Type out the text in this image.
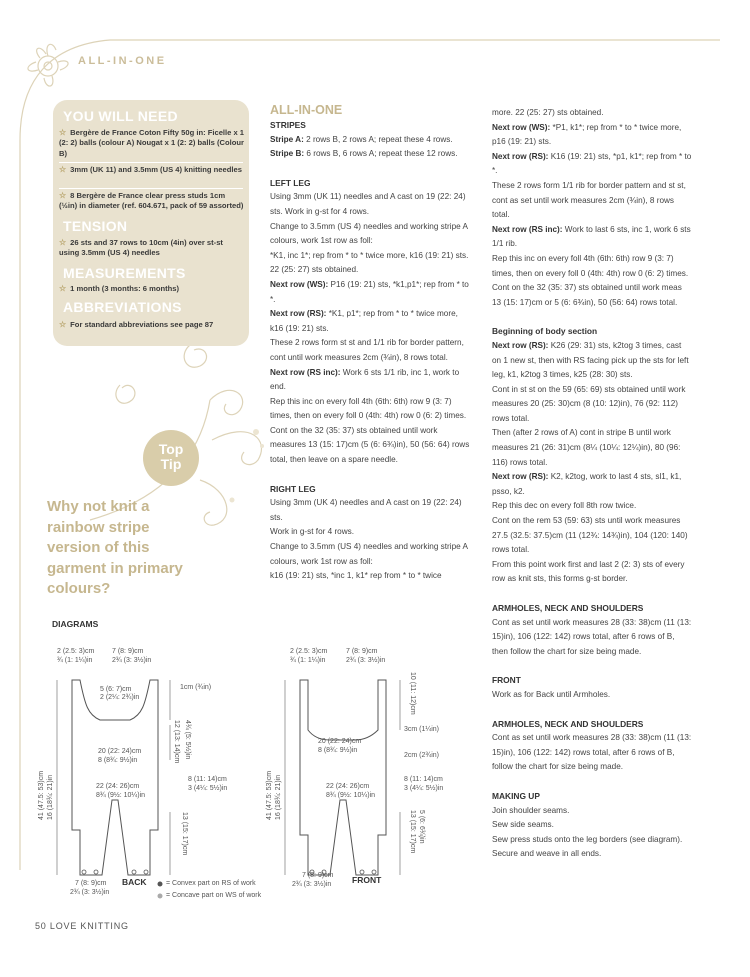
ALL-IN-ONE
YOU WILL NEED
☆ Bergère de France Coton Fifty 50g in: Ficelle x 1 (2: 2) balls (colour A) Nougat x 1 (2: 2) balls (Colour B)
☆ 3mm (UK 11) and 3.5mm (US 4) knitting needles
☆ 8 Bergère de France clear press studs 1cm (½in) in diameter (ref. 604.671, pack of 59 assorted)
TENSION
☆ 26 sts and 37 rows to 10cm (4in) over st-st using 3.5mm (US 4) needles
MEASUREMENTS
☆ 1 month (3 months: 6 months)
ABBREVIATIONS
☆ For standard abbreviations see page 87
Top
Tip
Why not knit a rainbow stripe version of this garment in primary colours?
ALL-IN-ONE
STRIPES
Stripe A: 2 rows B, 2 rows A; repeat these 4 rows.
Stripe B: 6 rows B, 6 rows A; repeat these 12 rows.
LEFT LEG
Using 3mm (UK 11) needles and A cast on 19 (22: 24) sts. Work in g-st for 4 rows.
Change to 3.5mm (US 4) needles and working stripe A colours, work 1st row as foll:
*K1, inc 1*; rep from * to * twice more, k16 (19: 21) sts. 22 (25: 27) sts obtained.
Next row (WS): P16 (19: 21) sts, *k1,p1*; rep from * to *.
Next row (RS): *K1, p1*; rep from * to * twice more, k16 (19: 21) sts.
These 2 rows form st st and 1/1 rib for border pattern, cont until work measures 2cm (¾in), 8 rows total.
Next row (RS inc): Work 6 sts 1/1 rib, inc 1, work to end.
Rep this inc on every foll 4th (6th: 6th) row 9 (3: 7) times, then on every foll 0 (4th: 4th) row 0 (6: 2) times.
Cont on the 32 (35: 37) sts obtained until work measures 13 (15: 17)cm (5 (6: 6¾)in), 50 (56: 64) rows total, then leave on a spare needle.
RIGHT LEG
Using 3mm (UK 4) needles and A cast on 19 (22: 24) sts.
Work in g-st for 4 rows.
Change to 3.5mm (US 4) needles and working stripe A colours, work 1st row as foll:
k16 (19: 21) sts, *inc 1, k1* rep from * to * twice
more. 22 (25: 27) sts obtained.
Next row (WS): *P1, k1*; rep from * to * twice more, p16 (19: 21) sts.
Next row (RS): K16 (19: 21) sts, *p1, k1*; rep from * to *.
These 2 rows form 1/1 rib for border pattern and st st, cont as set until work measures 2cm (¾in), 8 rows total.
Next row (RS inc): Work to last 6 sts, inc 1, work 6 sts 1/1 rib.
Rep this inc on every foll 4th (6th: 6th) row 9 (3: 7) times, then on every foll 0 (4th: 4th) row 0 (6: 2) times.
Cont on the 32 (35: 37) sts obtained until work meas 13 (15: 17)cm or 5 (6: 6¾in), 50 (56: 64) rows total.
Beginning of body section
Next row (RS): K26 (29: 31) sts, k2tog 3 times, cast on 1 new st, then with RS facing pick up the sts for left leg, k1, k2tog 3 times, k25 (28: 30) sts.
Cont in st st on the 59 (65: 69) sts obtained until work measures 20 (25: 30)cm (8 (10: 12)in), 76 (92: 112) rows total.
Then (after 2 rows of A) cont in stripe B until work measures 21 (26: 31)cm (8¼ (10¼: 12¼)in), 80 (96: 116) rows total.
Next row (RS): K2, k2tog, work to last 4 sts, sl1, k1, psso, k2.
Rep this dec on every foll 8th row twice.
Cont on the rem 53 (59: 63) sts until work measures 27.5 (32.5: 37.5)cm (11 (12¾: 14¾)in), 104 (120: 140) rows total.
From this point work first and last 2 (2: 3) sts of every row as knit sts, this forms g-st border.
ARMHOLES, NECK AND SHOULDERS
Cont as set until work measures 28 (33: 38)cm (11 (13: 15)in), 106 (122: 142) rows total, after 6 rows of B, then follow the chart for size being made.
FRONT
Work as for Back until Armholes.
ARMHOLES, NECK AND SHOULDERS
Cont as set until work measures 28 (33: 38)cm (11 (13: 15)in), 106 (122: 142) rows total, after 6 rows of B, follow the chart for size being made.
MAKING UP
Join shoulder seams.
Sew side seams.
Sew press studs onto the leg borders (see diagram). Secure and weave in all ends.
DIAGRAMS
2 (2.5: 3)cm
¾ (1: 1¼)in
7 (8: 9)cm
2¾ (3: 3½)in
1cm (¾in)
5 (6: 7)cm
2 (2¼: 2¾)in
12 (13: 14)cm 4¾ (5: 5½)in
20 (22: 24)cm
8 (8¾: 9½)in
8 (11: 14)cm
3 (4¼: 5½)in
22 (24: 26)cm
8¾ (9½: 10¼)in
41 (47.5: 53)cm 16 (18¾: 21)in
13 (15: 17)cm
7 (8: 9)cm
2¾ (3: 3½)in
BACK	= Convex part on RS of work
= Concave part on WS of work
2 (2.5: 3)cm
¾ (1: 1¼)in
7 (8: 9)cm
2¾ (3: 3½)in
10 (11: 12)cm
3cm (1¼in)
2cm (2¾in)
20 (22: 24)cm
8 (8¾: 9½)in
8 (11: 14)cm
3 (4¼: 5½)in
22 (24: 26)cm
8¾ (9½: 10¼)in
41 (47.5: 53)cm 16 (18¾: 21)in
13 (15: 17)cm 5 (6: 6¾)in
7 (8: 9)cm
2¾ (3: 3½)in FRONT
50 LOVE KNITTING
